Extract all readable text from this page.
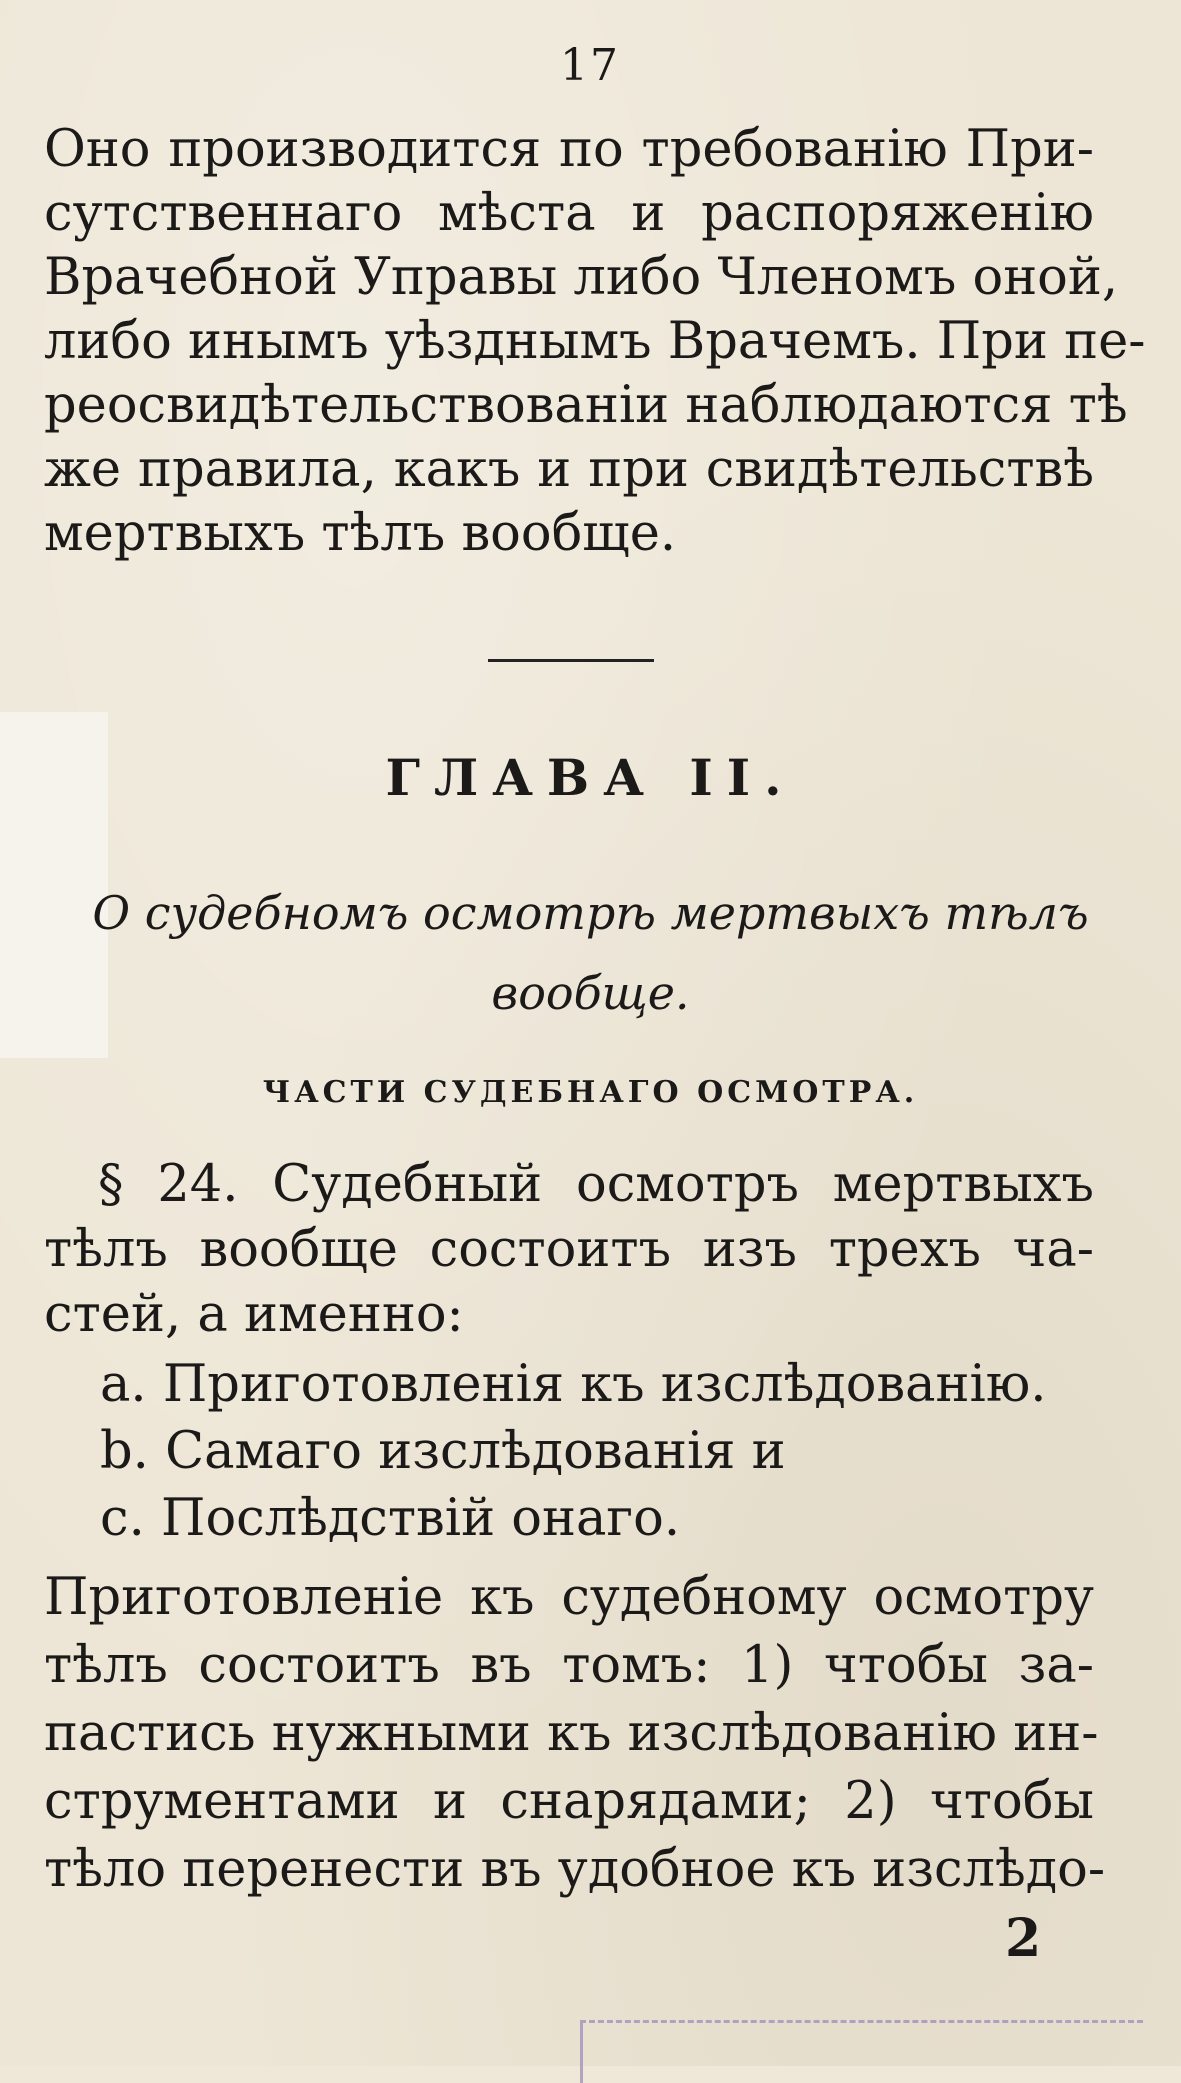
17
Оно производится по требованію При-
сутственнаго мѣста и распоряженію
Врачебной Управы либо Членомъ оной,
либо инымъ уѣзднымъ Врачемъ. При пе-
реосвидѣтельствованіи наблюдаются тѣ
же правила, какъ и при свидѣтельствѣ
мертвыхъ тѣлъ вообще.
ГЛАВА II.
О судебномъ осмотрѣ мертвыхъ тѣлъ
вообще.
ЧАСТИ СУДЕБНАГО ОСМОТРА.
§ 24. Судебный осмотръ мертвыхъ
тѣлъ вообще состоитъ изъ трехъ ча-
стей, а именно:
a. Приготовленія къ изслѣдованію.
b. Самаго изслѣдованія и
c. Послѣдствій онаго.
Приготовленіе къ судебному осмотру
тѣлъ состоитъ въ томъ: 1) чтобы за-
пастись нужными къ изслѣдованію ин-
струментами и снарядами; 2) чтобы
тѣло перенести въ удобное къ изслѣдо-
2
